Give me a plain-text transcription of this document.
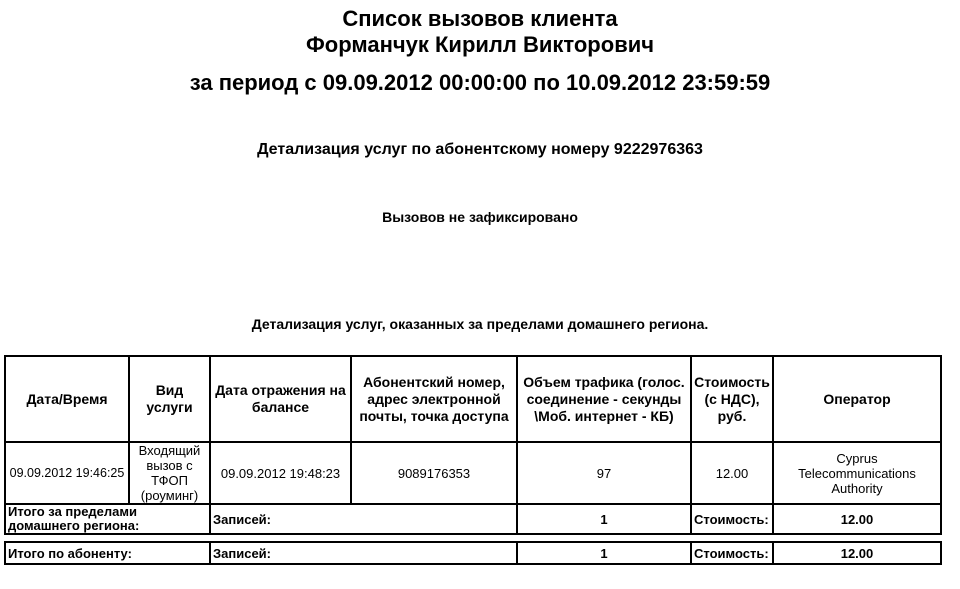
Список вызовов клиента
Форманчук Кирилл Викторович
за период с 09.09.2012 00:00:00 по 10.09.2012 23:59:59
Детализация услуг по абонентскому номеру 9222976363
Вызовов не зафиксировано
Детализация услуг, оказанных за пределами домашнего региона.
Дата/Время	Вид услуги	Дата отражения на балансе	Абонентский номер, адрес электронной почты, точка доступа	Объем трафика (голос. соединение - секунды \Моб. интернет - КБ)	Стоимость (с НДС), руб.	Оператор
09.09.2012 19:46:25	Входящий вызов с ТФОП (роуминг)	09.09.2012 19:48:23	9089176353	97	12.00	Cyprus Telecommunications Authority
Итого за пределами домашнего региона:		Записей:		1	Стоимость:	12.00
Итого по абоненту:	Записей:	1	Стоимость:	12.00
